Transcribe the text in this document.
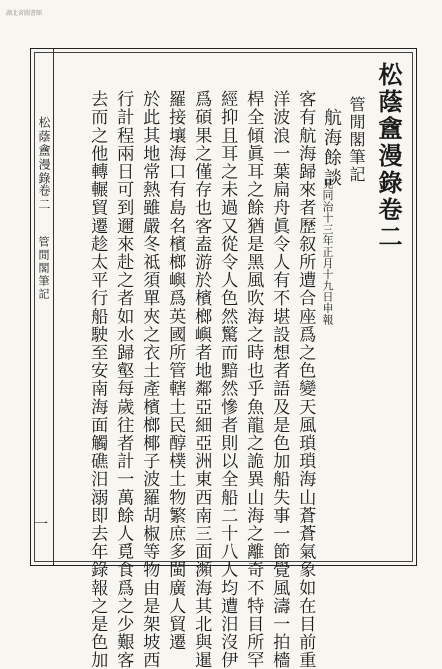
湖北省圖書館
松蔭盦漫錄卷二
管閒閣筆記
航海餘談
見同治十三年正月十九日申報
客有航海歸來者歷叙所遭合座爲之色變天風瑣瑣海山蒼蒼氣象如在目前重
洋波浪一葉扁舟眞令人有不堪設想者語及是色加船失事一節覺風濤一拍檣
桿全傾眞耳之餘猶是黑風吹海之時也乎魚龍之詭異山海之離奇不特目所罕
經抑且耳之未過又從令人色然驚而黯然慘者則以全船二十八人均遭汨沒伊
爲碩果之僅存也客盍游於檳榔嶼者地鄰亞細亞洲東西南三面瀕海其北與暹
羅接壤海口有島名檳榔嶼爲英國所管轄土民醇樸土物繁庶多閩廣人貿遷
於此其地常熱雖嚴冬祗須單夾之衣土產檳榔椰子波羅胡椒等物由是架坡西
行計程兩日可到邇來赴之者如水歸壑每歲往者計一萬餘人覓食爲之少艱客
去而之他轉輾貿遷趁太平行船駛至安南海面觸礁汨溺即去年錄報之是色加
松蔭盦漫錄
卷二
管閒閣筆記
一
